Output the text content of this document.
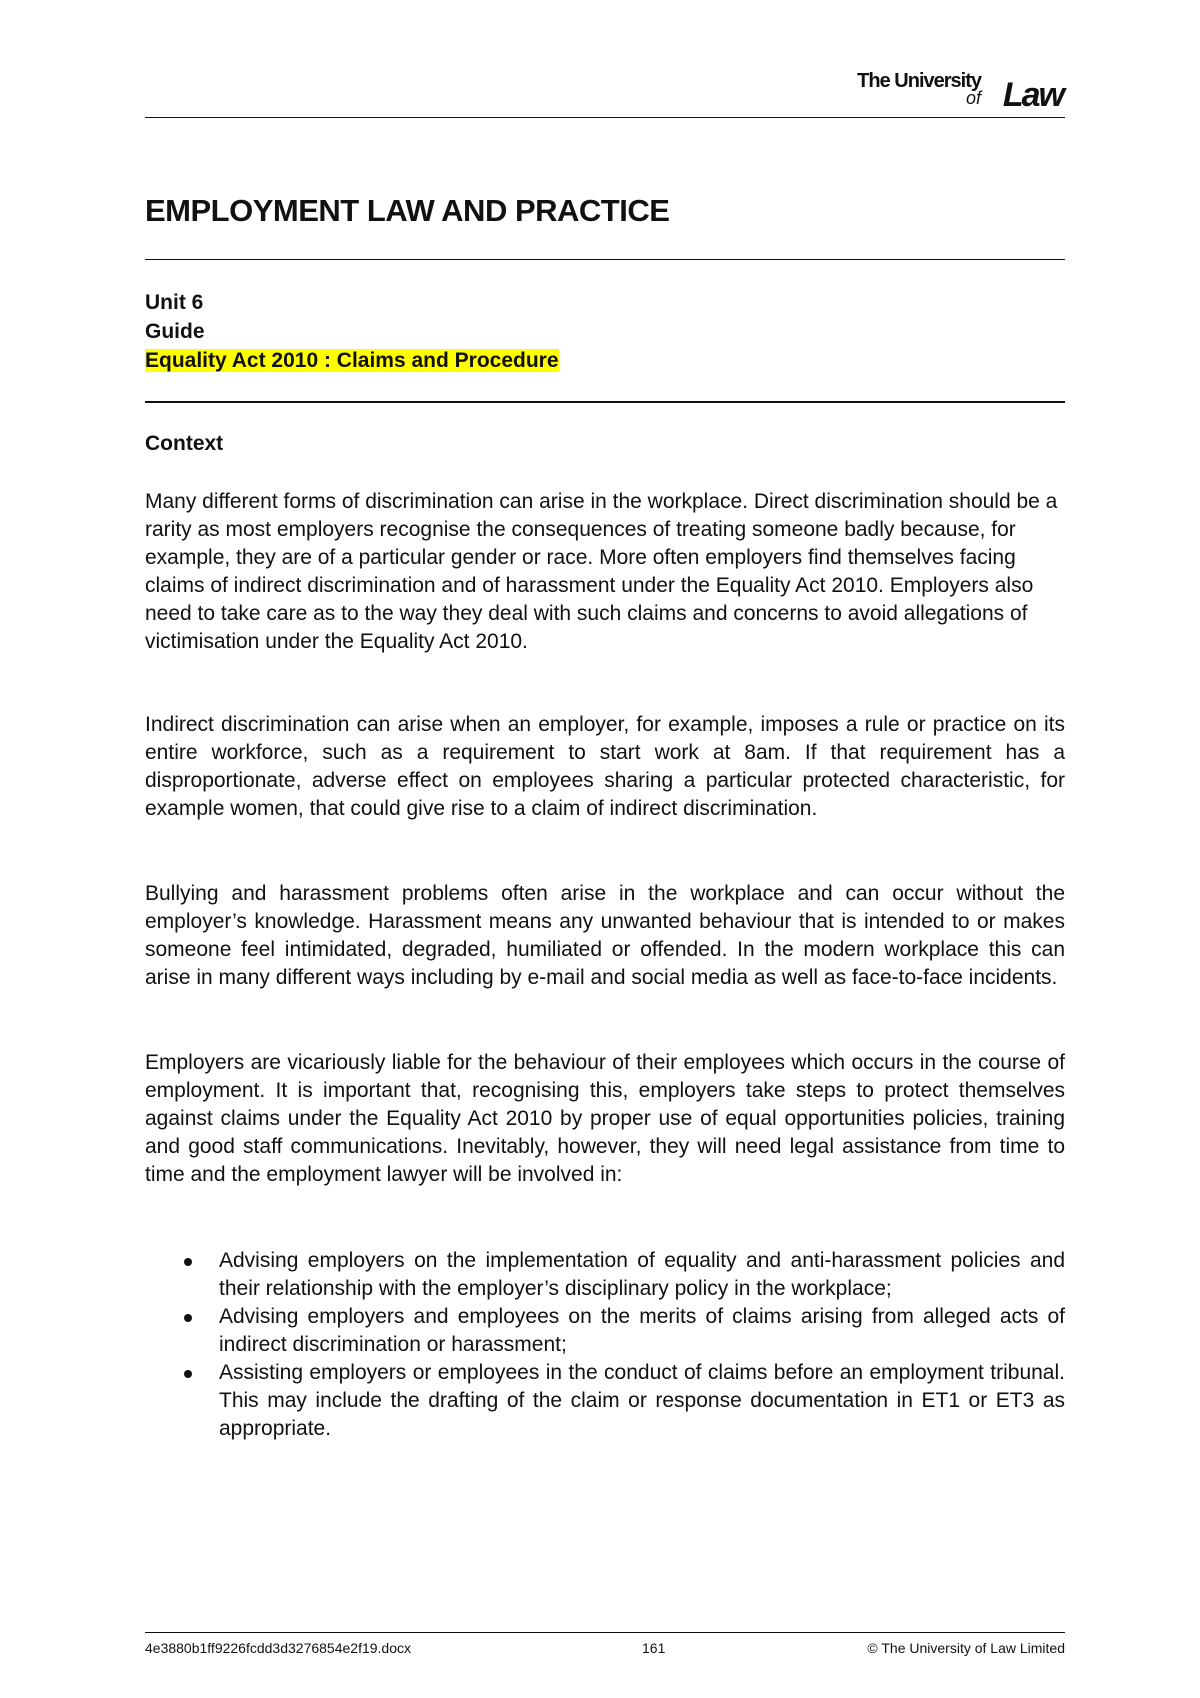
The University
of Law
EMPLOYMENT LAW AND PRACTICE
Unit 6
Guide
Equality Act 2010 : Claims and Procedure
Context

Many different forms of discrimination can arise in the workplace. Direct discrimination should be a rarity as most employers recognise the consequences of treating someone badly because, for example, they are of a particular gender or race. More often employers find themselves facing claims of indirect discrimination and of harassment under the Equality Act 2010. Employers also need to take care as to the way they deal with such claims and concerns to avoid allegations of victimisation under the Equality Act 2010.

Indirect discrimination can arise when an employer, for example, imposes a rule or practice on its entire workforce, such as a requirement to start work at 8am. If that requirement has a disproportionate, adverse effect on employees sharing a particular protected characteristic, for example women, that could give rise to a claim of indirect discrimination.

Bullying and harassment problems often arise in the workplace and can occur without the employer’s knowledge. Harassment means any unwanted behaviour that is intended to or makes someone feel intimidated, degraded, humiliated or offended. In the modern workplace this can arise in many different ways including by e-mail and social media as well as face-to-face incidents.

Employers are vicariously liable for the behaviour of their employees which occurs in the course of employment. It is important that, recognising this, employers take steps to protect themselves against claims under the Equality Act 2010 by proper use of equal opportunities policies, training and good staff communications. Inevitably, however, they will need legal assistance from time to time and the employment lawyer will be involved in:

Advising employers on the implementation of equality and anti-harassment policies and their relationship with the employer’s disciplinary policy in the workplace;
Advising employers and employees on the merits of claims arising from alleged acts of indirect discrimination or harassment;
Assisting employers or employees in the conduct of claims before an employment tribunal. This may include the drafting of the claim or response documentation in ET1 or ET3 as appropriate.
4e3880b1ff9226fcdd3d3276854e2f19.docx	161	© The University of Law Limited
